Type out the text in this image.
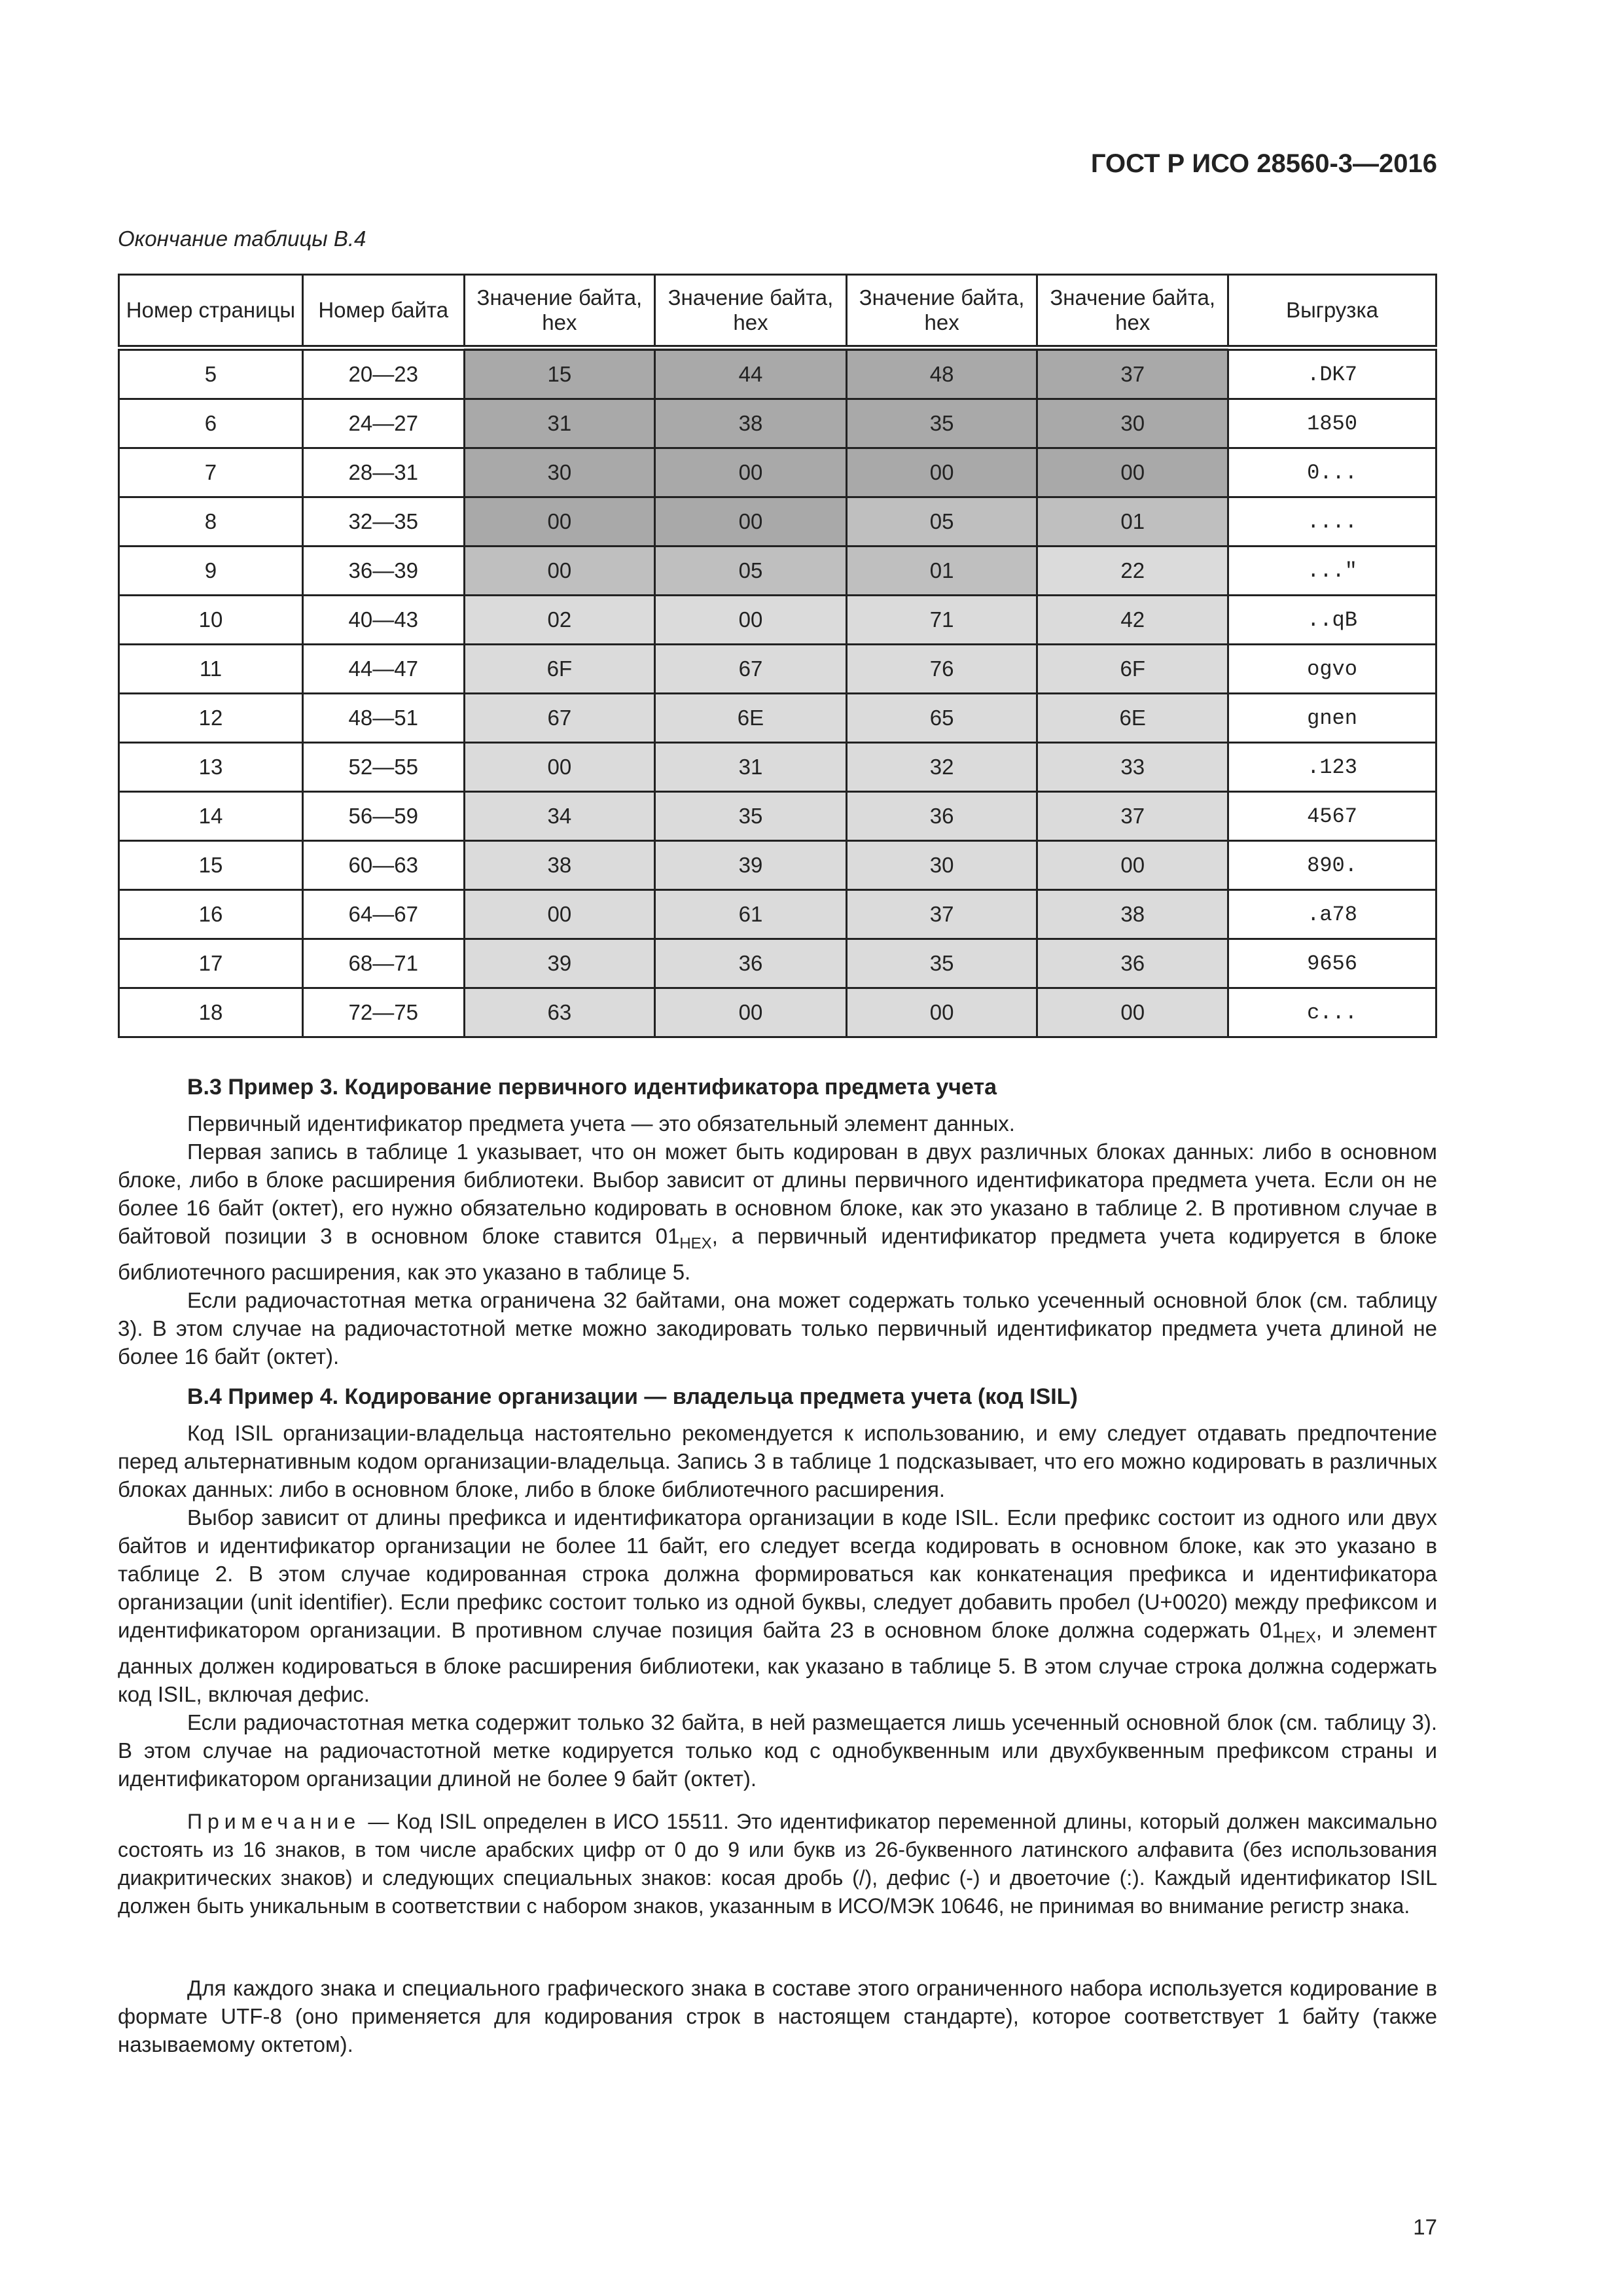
ГОСТ Р ИСО 28560-3—2016
Окончание таблицы В.4
Номер страницы	Номер байта	Значение байта, hex	Значение байта, hex	Значение байта, hex	Значение байта, hex	Выгрузка
5	20—23	15	44	48	37	.DK7
6	24—27	31	38	35	30	1850
7	28—31	30	00	00	00	0...
8	32—35	00	00	05	01	....
9	36—39	00	05	01	22	..."
10	40—43	02	00	71	42	..qB
11	44—47	6F	67	76	6F	ogvo
12	48—51	67	6E	65	6E	gnen
13	52—55	00	31	32	33	.123
14	56—59	34	35	36	37	4567
15	60—63	38	39	30	00	890.
16	64—67	00	61	37	38	.a78
17	68—71	39	36	35	36	9656
18	72—75	63	00	00	00	c...
В.3 Пример 3. Кодирование первичного идентификатора предмета учета

Первичный идентификатор предмета учета — это обязательный элемент данных.

Первая запись в таблице 1 указывает, что он может быть кодирован в двух различных блоках данных: либо в основном блоке, либо в блоке расширения библиотеки. Выбор зависит от длины первичного идентификатора предмета учета. Если он не более 16 байт (октет), его нужно обязательно кодировать в основном блоке, как это указано в таблице 2. В противном случае в байтовой позиции 3 в основном блоке ставится $01_{HEX}$, а первичный идентификатор предмета учета кодируется в блоке библиотечного расширения, как это указано в таблице 5.

Если радиочастотная метка ограничена 32 байтами, она может содержать только усеченный основной блок (см. таблицу 3). В этом случае на радиочастотной метке можно закодировать только первичный идентификатор предмета учета длиной не более 16 байт (октет).

В.4 Пример 4. Кодирование организации — владельца предмета учета (код ISIL)

Код ISIL организации-владельца настоятельно рекомендуется к использованию, и ему следует отдавать предпочтение перед альтернативным кодом организации-владельца. Запись 3 в таблице 1 подсказывает, что его можно кодировать в различных блоках данных: либо в основном блоке, либо в блоке библиотечного расширения.

Выбор зависит от длины префикса и идентификатора организации в коде ISIL. Если префикс состоит из одного или двух байтов и идентификатор организации не более 11 байт, его следует всегда кодировать в основном блоке, как это указано в таблице 2. В этом случае кодированная строка должна формироваться как конкатенация префикса и идентификатора организации (unit identifier). Если префикс состоит только из одной буквы, следует добавить пробел (U+0020) между префиксом и идентификатором организации. В противном случае позиция байта 23 в основном блоке должна содержать $01_{HEX}$, и элемент данных должен кодироваться в блоке расширения библиотеки, как указано в таблице 5. В этом случае строка должна содержать код ISIL, включая дефис.

Если радиочастотная метка содержит только 32 байта, в ней размещается лишь усеченный основной блок (см. таблицу 3). В этом случае на радиочастотной метке кодируется только код с однобуквенным или двухбуквенным префиксом страны и идентификатором организации длиной не более 9 байт (октет).

Примечание — Код ISIL определен в ИСО 15511. Это идентификатор переменной длины, который должен максимально состоять из 16 знаков, в том числе арабских цифр от 0 до 9 или букв из 26-буквенного латинского алфавита (без использования диакритических знаков) и следующих специальных знаков: косая дробь (/), дефис (-) и двоеточие (:). Каждый идентификатор ISIL должен быть уникальным в соответствии с набором знаков, указанным в ИСО/МЭК 10646, не принимая во внимание регистр знака.

Для каждого знака и специального графического знака в составе этого ограниченного набора используется кодирование в формате UTF-8 (оно применяется для кодирования строк в настоящем стандарте), которое соответствует 1 байту (также называемому октетом).

17
